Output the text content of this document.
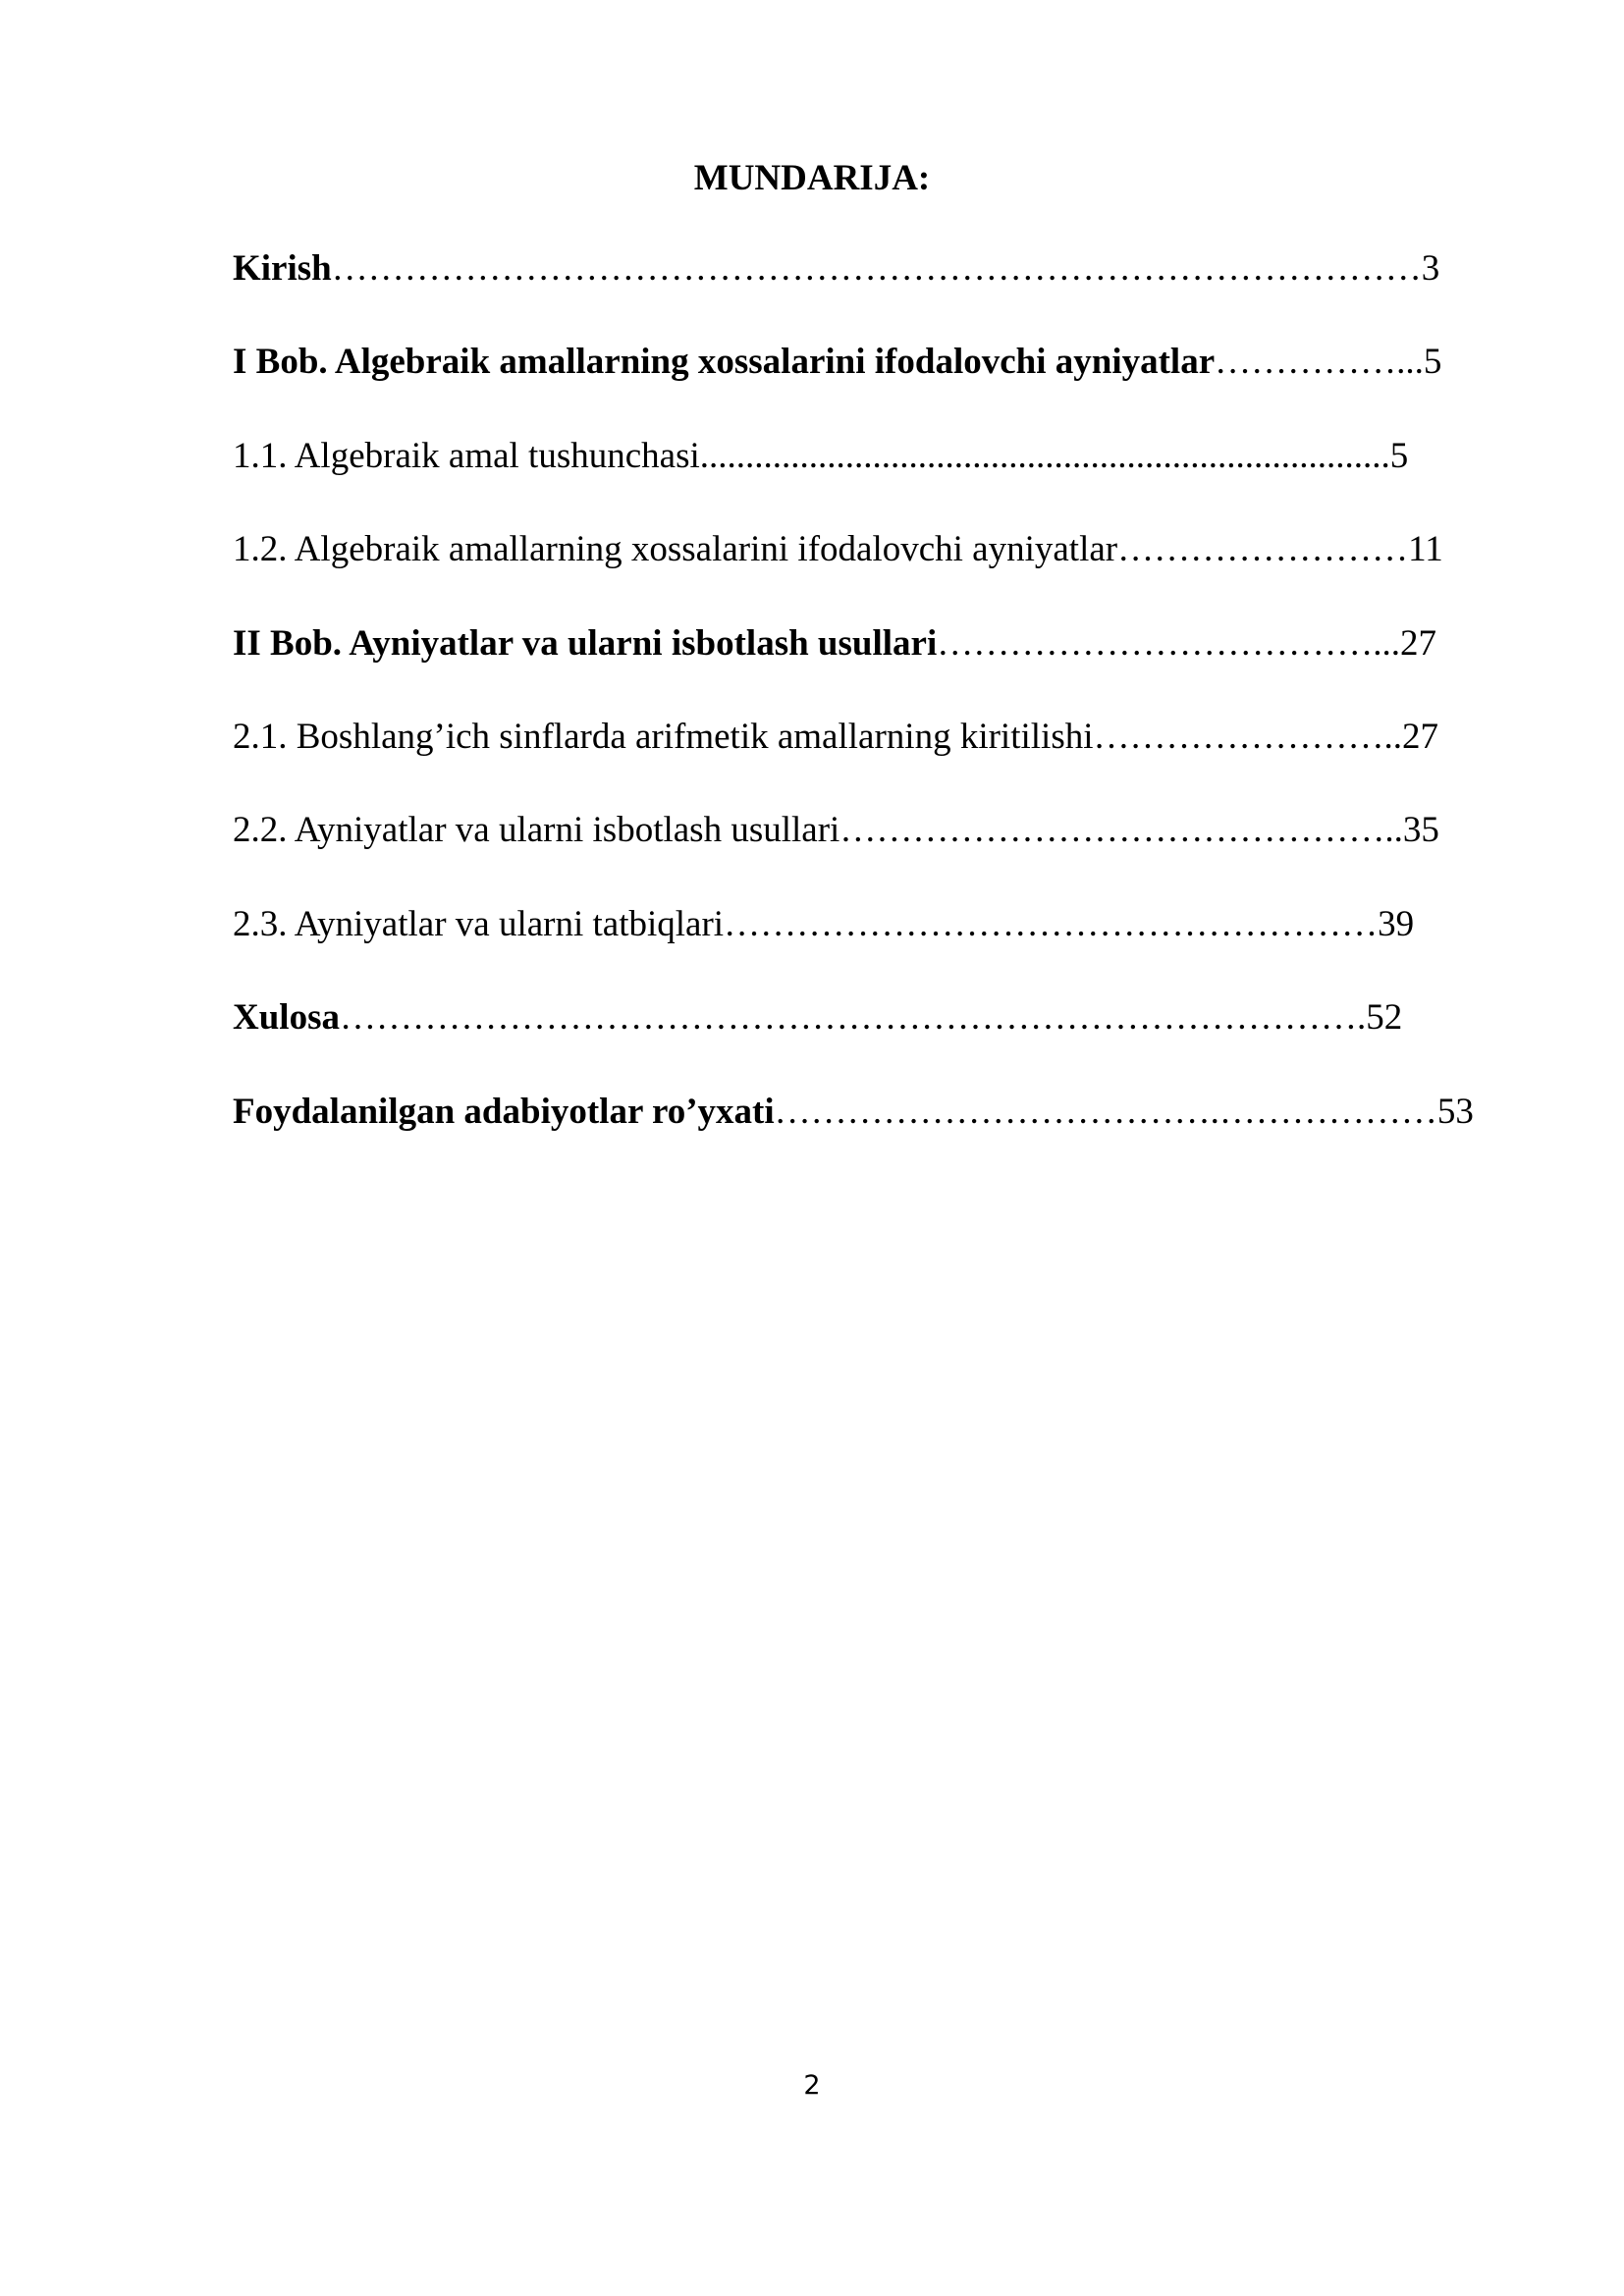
MUNDARIJA:
Kirish………………………………………………………………………………3
I Bob. Algebraik amallarning xossalarini ifodalovchi ayniyatlar……………...5
1.1. Algebraik amal tushunchasi............................................................................5
1.2. Algebraik amallarning xossalarini ifodalovchi ayniyatlar……………………11
II Bob. Ayniyatlar va ularni isbotlash usullari………………………………...27
2.1. Boshlang’ich sinflarda arifmetik amallarning kiritilishi……………………..27
2.2. Ayniyatlar va ularni isbotlash usullari………………………………………..35
2.3. Ayniyatlar va ularni tatbiqlari………………………………………………39
Xulosa………………………………………………………………………….52
Foydalanilgan adabiyotlar ro’yxati……………………………….………………53
2
